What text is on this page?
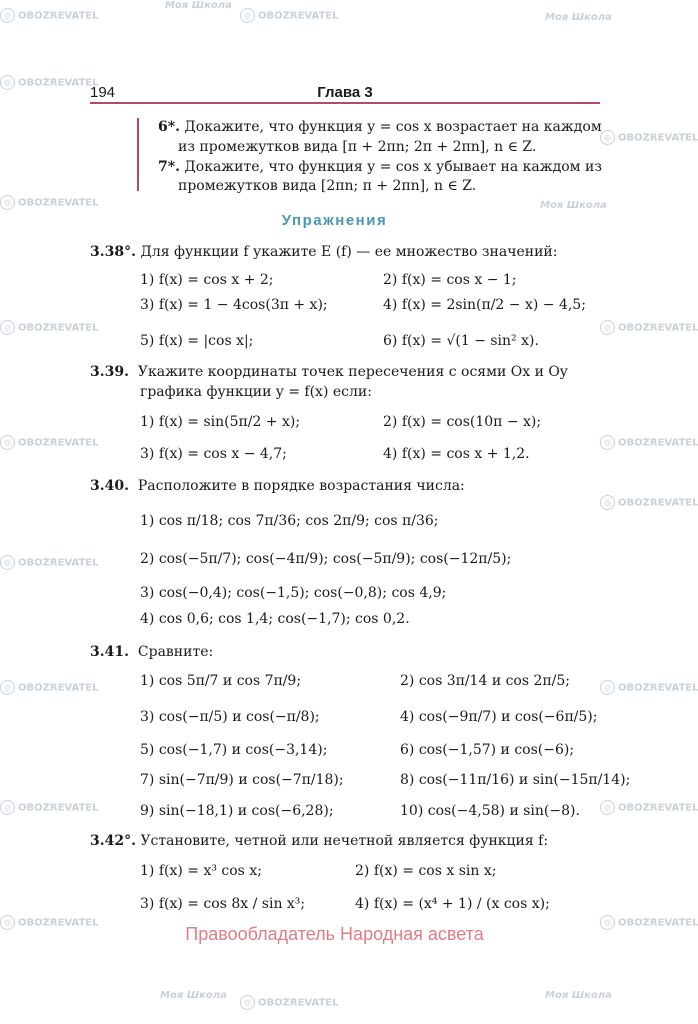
◎ OBOZREVATEL
Моя Школа
◎ OBOZREVATEL	Моя Школа
◎ OBOZREVATEL
◎ OBOZREVATEL
◎ OBOZREVATEL	Моя Школа
◎ OBOZREVATEL	◎ OBOZREVATEL
◎ OBOZREVATEL	◎ OBOZREVATEL
◎ OBOZREVATEL
◎ OBOZREVATEL
◎ OBOZREVATEL	◎ OBOZREVATEL
◎ OBOZREVATEL	◎ OBOZREVATEL
◎ OBOZREVATEL	◎ OBOZREVATEL
Моя Школа
◎ OBOZREVATEL
Моя Школа
194	Глава 3
6*. Докажите, что функция y = cos x возрастает на каждом
из промежутков вида [π + 2πn; 2π + 2πn], n ∈ Z.
7*. Докажите, что функция y = cos x убывает на каждом из
промежутков вида [2πn; π + 2πn], n ∈ Z.
Упражнения
3.38°. Для функции f укажите E (f) — ее множество значений:
1) f(x) = cos x + 2;	2) f(x) = cos x − 1;
3) f(x) = 1 − 4cos(3π + x);	4) f(x) = 2sin(π/2 − x) − 4,5;
5) f(x) = |cos x|;	6) f(x) = √(1 − sin² x).
3.39. Укажите координаты точек пересечения с осями Ox и Oy
графика функции y = f(x) если:
1) f(x) = sin(5π/2 + x);	2) f(x) = cos(10π − x);
3) f(x) = cos x − 4,7;	4) f(x) = cos x + 1,2.
3.40. Расположите в порядке возрастания числа:
1) cos π/18; cos 7π/36; cos 2π/9; cos π/36;
2) cos(−5π/7); cos(−4π/9); cos(−5π/9); cos(−12π/5);
3) cos(−0,4); cos(−1,5); cos(−0,8); cos 4,9;
4) cos 0,6; cos 1,4; cos(−1,7); cos 0,2.
3.41. Сравните:
1) cos 5π/7 и cos 7π/9;	2) cos 3π/14 и cos 2π/5;
3) cos(−π/5) и cos(−π/8);	4) cos(−9π/7) и cos(−6π/5);
5) cos(−1,7) и cos(−3,14);	6) cos(−1,57) и cos(−6);
7) sin(−7π/9) и cos(−7π/18);	8) cos(−11π/16) и sin(−15π/14);
9) sin(−18,1) и cos(−6,28);	10) cos(−4,58) и sin(−8).
3.42°. Установите, четной или нечетной является функция f:
1) f(x) = x³ cos x;	2) f(x) = cos x sin x;
3) f(x) = cos 8x / sin x³;	4) f(x) = (x⁴ + 1) / (x cos x);
Правообладатель Народная асвета
